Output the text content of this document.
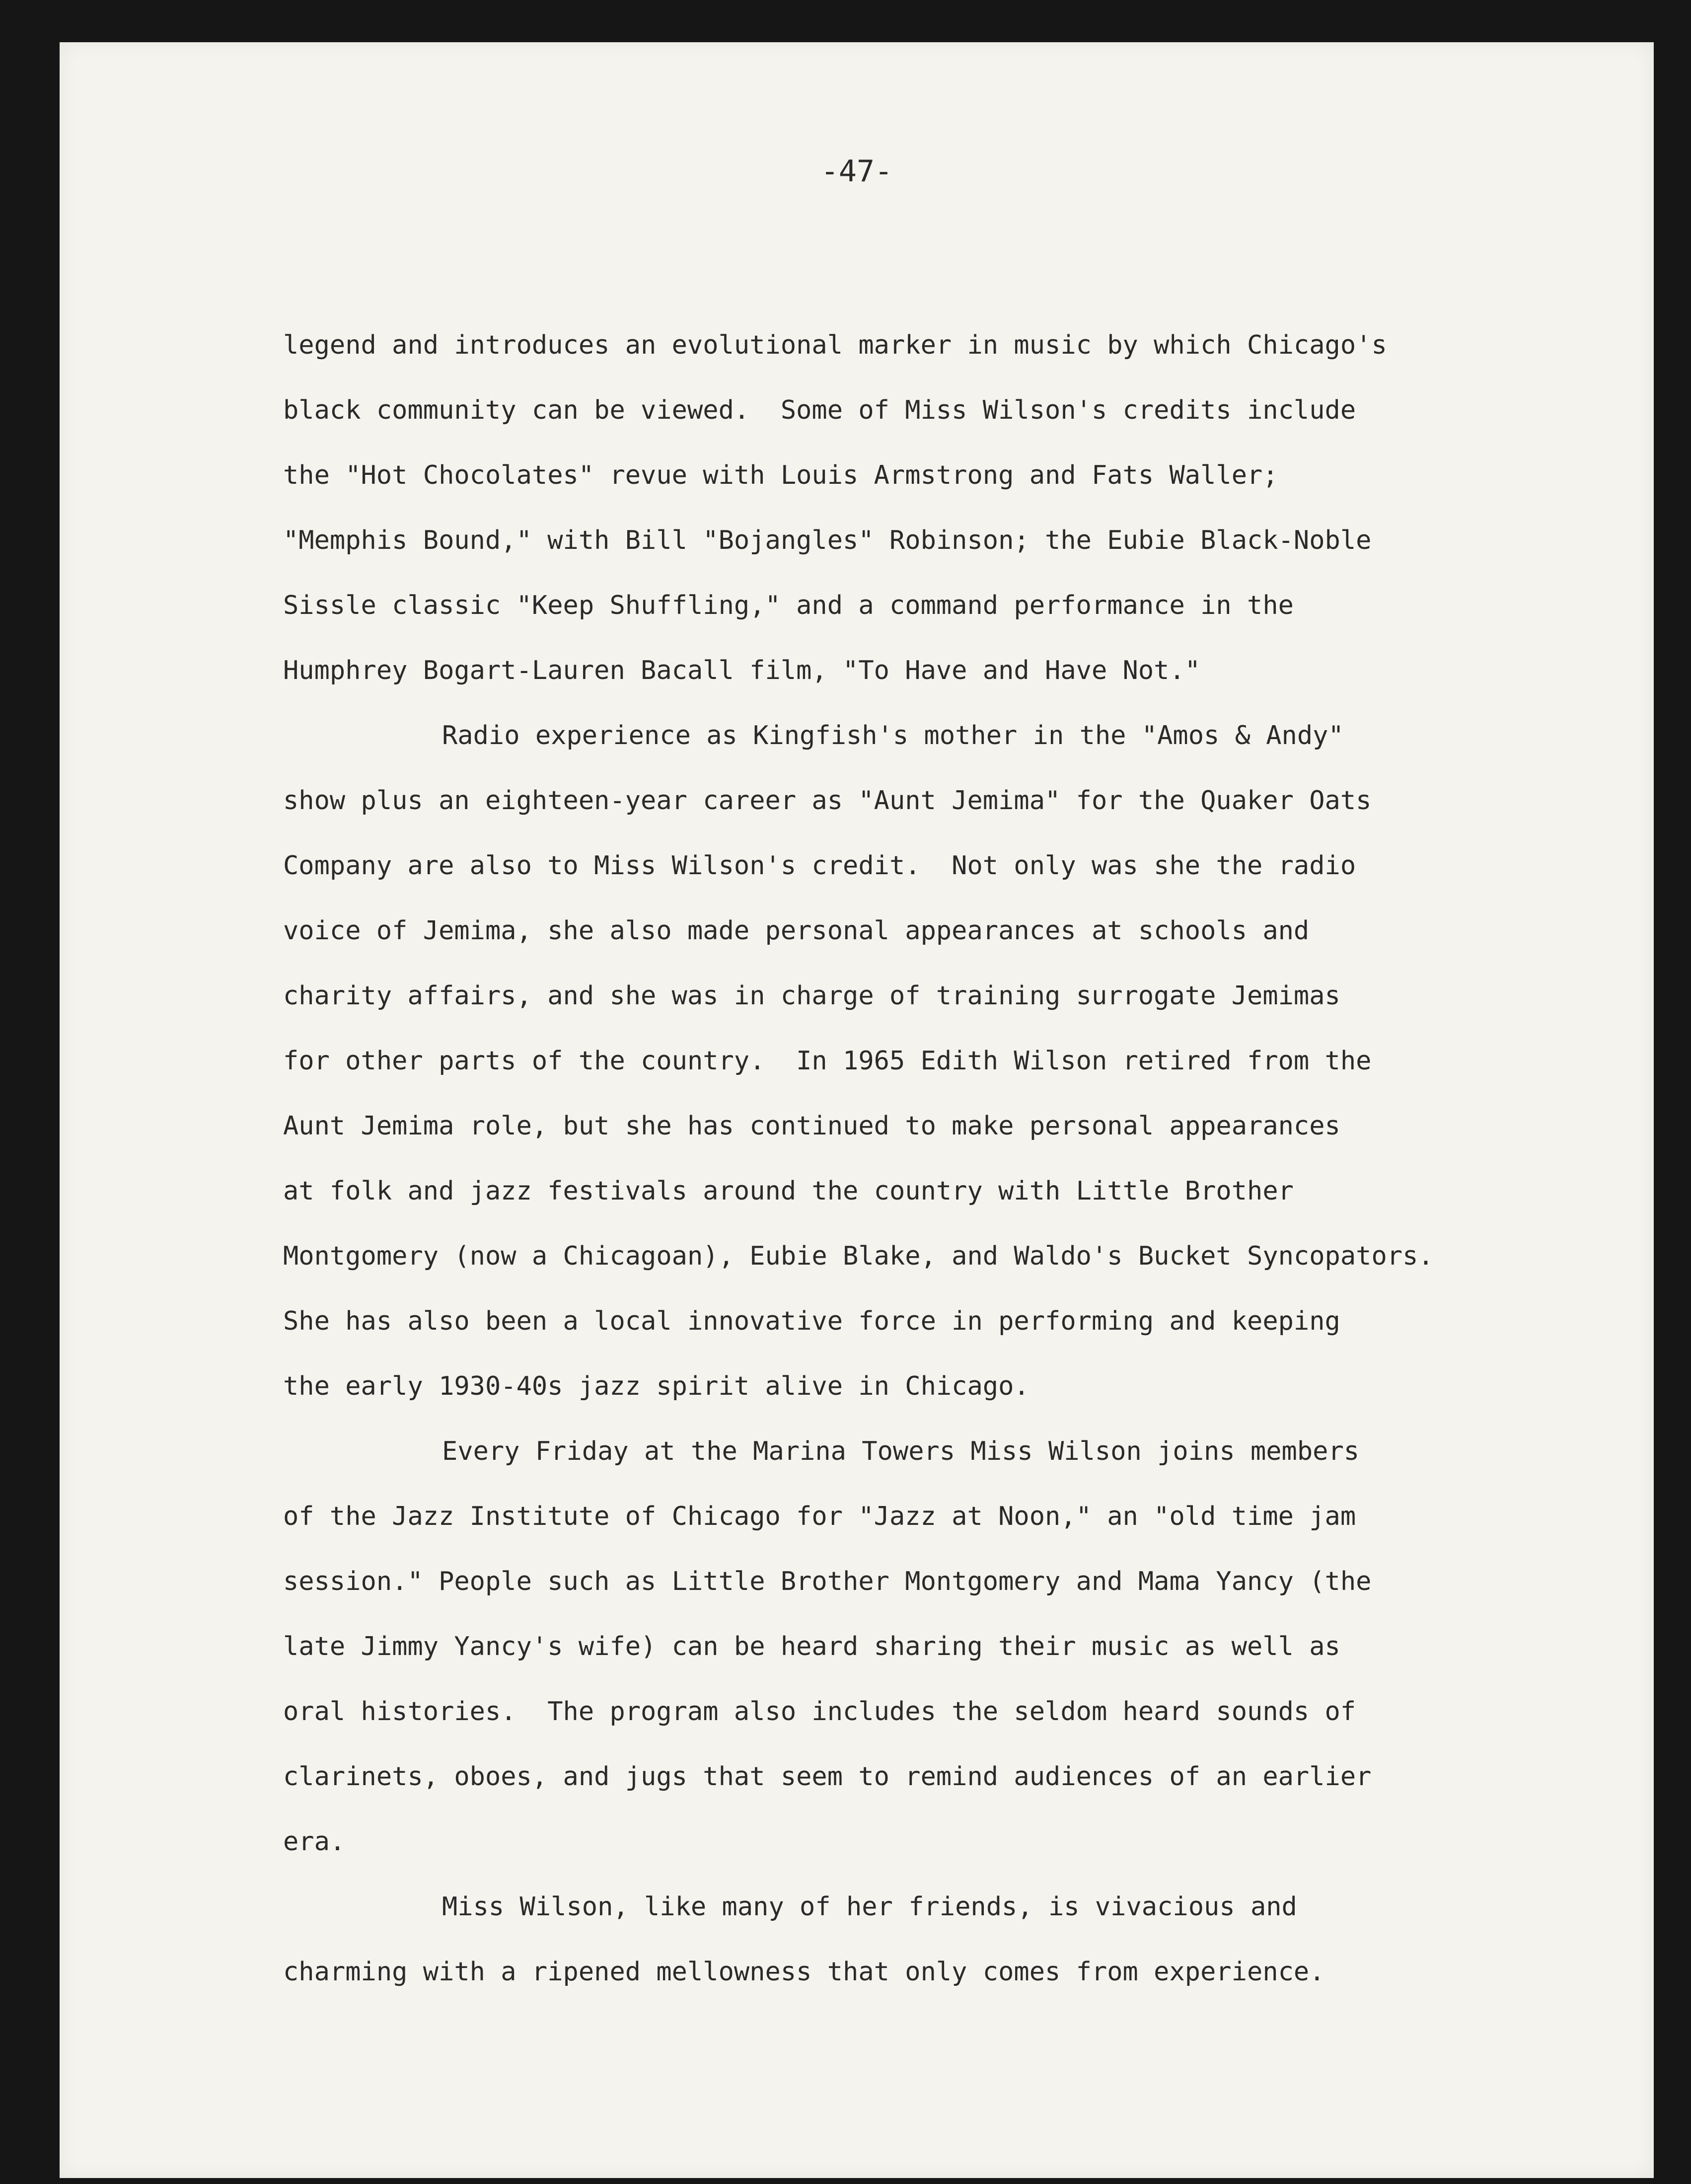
-47-

legend and introduces an evolutional marker in music by which Chicago's
black community can be viewed.  Some of Miss Wilson's credits include
the "Hot Chocolates" revue with Louis Armstrong and Fats Waller;
"Memphis Bound," with Bill "Bojangles" Robinson; the Eubie Black-Noble
Sissle classic "Keep Shuffling," and a command performance in the
Humphrey Bogart-Lauren Bacall film, "To Have and Have Not."
Radio experience as Kingfish's mother in the "Amos & Andy"
show plus an eighteen-year career as "Aunt Jemima" for the Quaker Oats
Company are also to Miss Wilson's credit.  Not only was she the radio
voice of Jemima, she also made personal appearances at schools and
charity affairs, and she was in charge of training surrogate Jemimas
for other parts of the country.  In 1965 Edith Wilson retired from the
Aunt Jemima role, but she has continued to make personal appearances
at folk and jazz festivals around the country with Little Brother
Montgomery (now a Chicagoan), Eubie Blake, and Waldo's Bucket Syncopators.
She has also been a local innovative force in performing and keeping
the early 1930-40s jazz spirit alive in Chicago.
Every Friday at the Marina Towers Miss Wilson joins members
of the Jazz Institute of Chicago for "Jazz at Noon," an "old time jam
session." People such as Little Brother Montgomery and Mama Yancy (the
late Jimmy Yancy's wife) can be heard sharing their music as well as
oral histories.  The program also includes the seldom heard sounds of
clarinets, oboes, and jugs that seem to remind audiences of an earlier
era.
Miss Wilson, like many of her friends, is vivacious and
charming with a ripened mellowness that only comes from experience.
